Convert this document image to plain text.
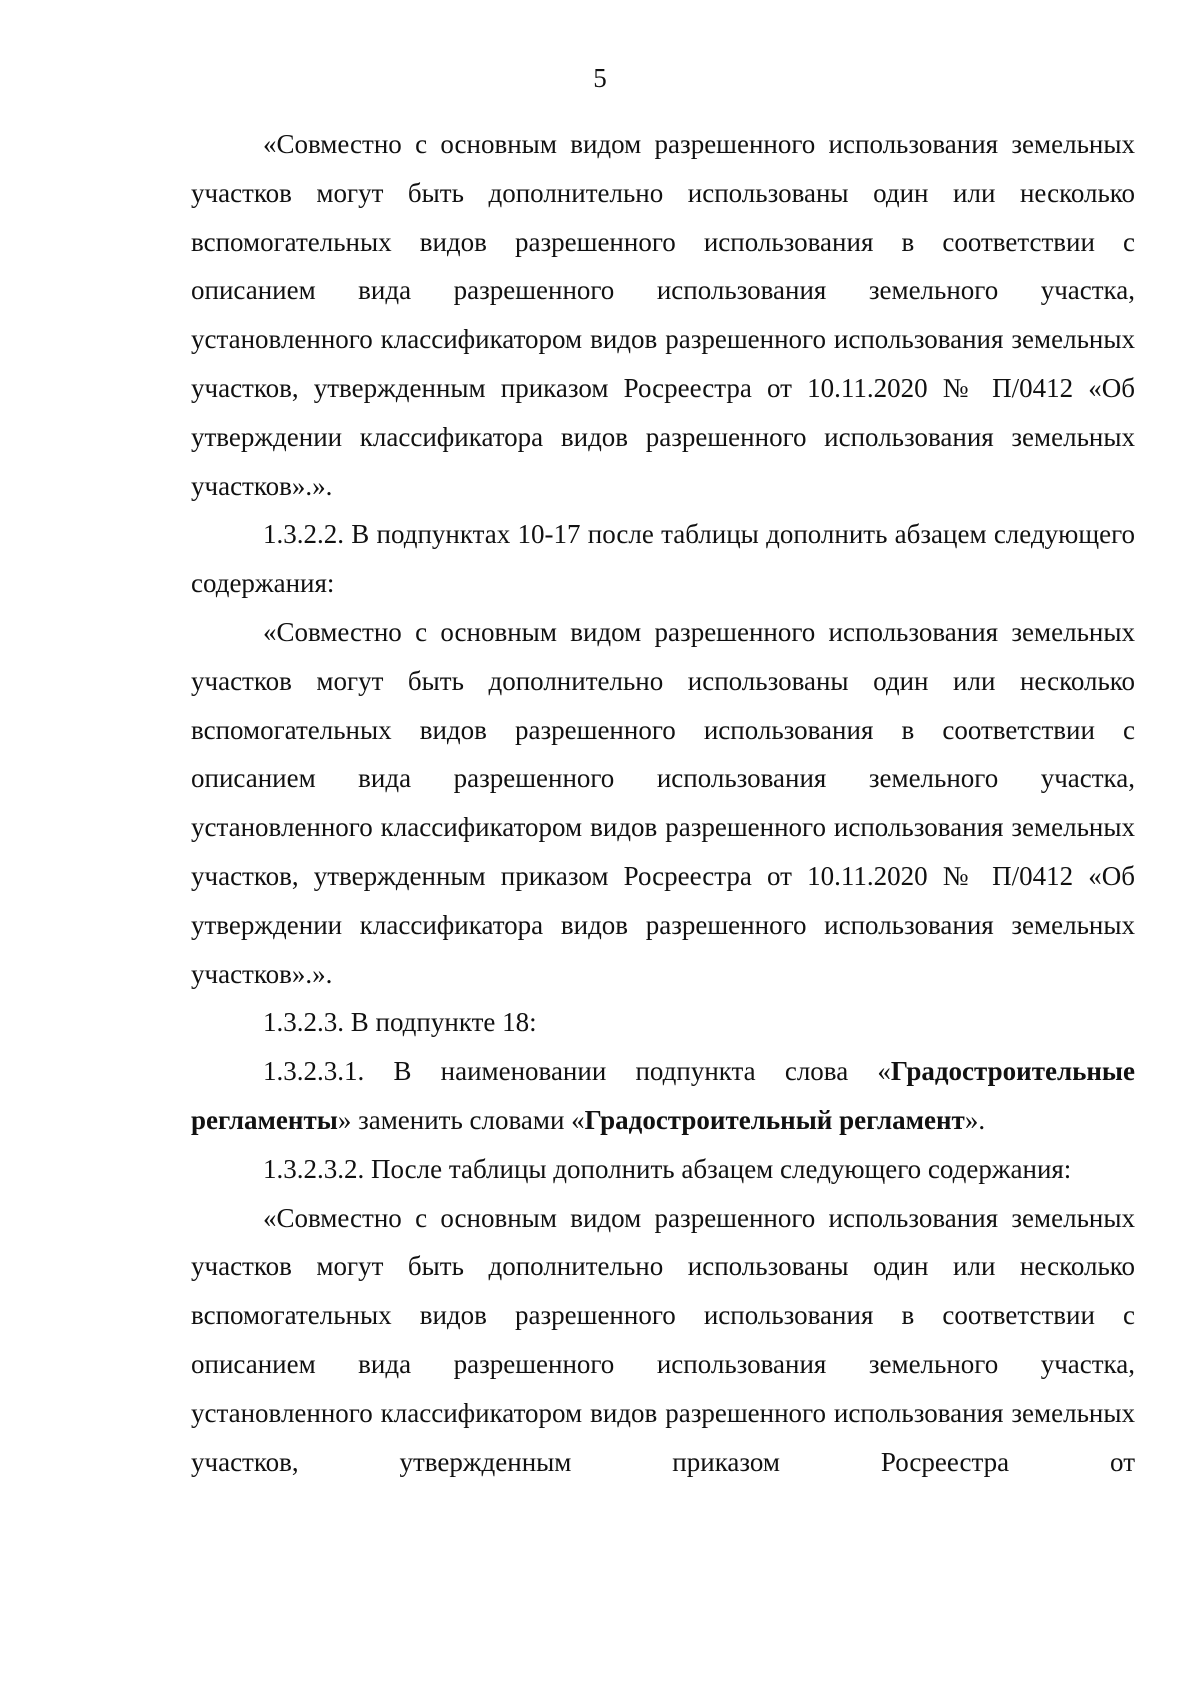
5

«Совместно с основным видом разрешенного использования земельных участков могут быть дополнительно использованы один или несколько вспомогательных видов разрешенного использования в соответствии с описанием вида разрешенного использования земельного участка, установленного классификатором видов разрешенного использования земельных участков, утвержденным приказом Росреестра от 10.11.2020 № П/0412 «Об утверждении классификатора видов разрешенного использования земельных участков».».

1.3.2.2. В подпунктах 10-17 после таблицы дополнить абзацем следующего содержания:

«Совместно с основным видом разрешенного использования земельных участков могут быть дополнительно использованы один или несколько вспомогательных видов разрешенного использования в соответствии с описанием вида разрешенного использования земельного участка, установленного классификатором видов разрешенного использования земельных участков, утвержденным приказом Росреестра от 10.11.2020 № П/0412 «Об утверждении классификатора видов разрешенного использования земельных участков».».

1.3.2.3. В подпункте 18:

1.3.2.3.1. В наименовании подпункта слова «Градостроительные регламенты» заменить словами «Градостроительный регламент».

1.3.2.3.2. После таблицы дополнить абзацем следующего содержания:

«Совместно с основным видом разрешенного использования земельных участков могут быть дополнительно использованы один или несколько вспомогательных видов разрешенного использования в соответствии с описанием вида разрешенного использования земельного участка, установленного классификатором видов разрешенного использования земельных участков, утвержденным приказом Росреестра от
